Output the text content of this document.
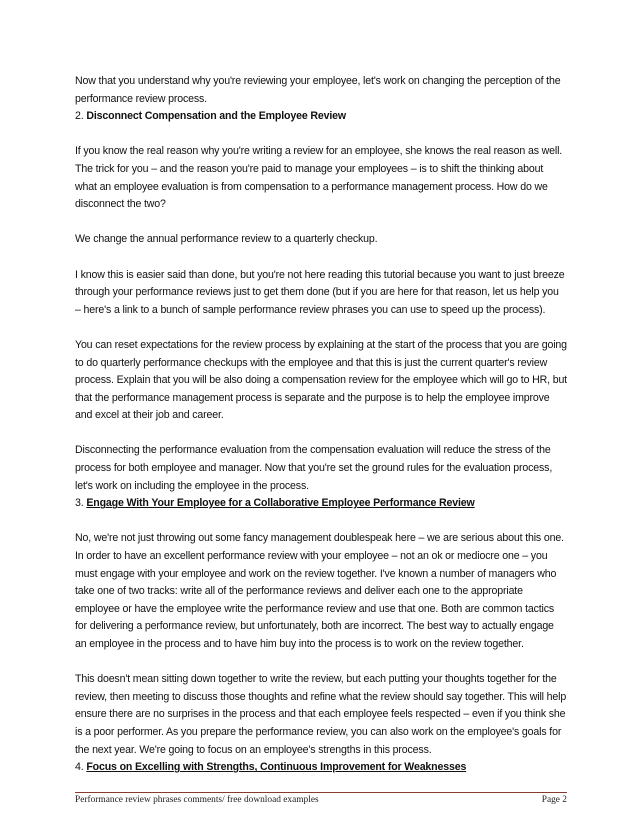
Now that you understand why you're reviewing your employee, let's work on changing the perception of the performance review process.

2. Disconnect Compensation and the Employee Review

If you know the real reason why you're writing a review for an employee, she knows the real reason as well. The trick for you – and the reason you're paid to manage your employees – is to shift the thinking about what an employee evaluation is from compensation to a performance management process. How do we disconnect the two?

We change the annual performance review to a quarterly checkup.

I know this is easier said than done, but you're not here reading this tutorial because you want to just breeze through your performance reviews just to get them done (but if you are here for that reason, let us help you – here's a link to a bunch of sample performance review phrases you can use to speed up the process).

You can reset expectations for the review process by explaining at the start of the process that you are going to do quarterly performance checkups with the employee and that this is just the current quarter's review process. Explain that you will be also doing a compensation review for the employee which will go to HR, but that the performance management process is separate and the purpose is to help the employee improve and excel at their job and career.

Disconnecting the performance evaluation from the compensation evaluation will reduce the stress of the process for both employee and manager. Now that you're set the ground rules for the evaluation process, let's work on including the employee in the process.

3. Engage With Your Employee for a Collaborative Employee Performance Review

No, we're not just throwing out some fancy management doublespeak here – we are serious about this one. In order to have an excellent performance review with your employee – not an ok or mediocre one – you must engage with your employee and work on the review together. I've known a number of managers who take one of two tracks: write all of the performance reviews and deliver each one to the appropriate employee or have the employee write the performance review and use that one. Both are common tactics for delivering a performance review, but unfortunately, both are incorrect. The best way to actually engage an employee in the process and to have him buy into the process is to work on the review together.

This doesn't mean sitting down together to write the review, but each putting your thoughts together for the review, then meeting to discuss those thoughts and refine what the review should say together. This will help ensure there are no surprises in the process and that each employee feels respected – even if you think she is a poor performer. As you prepare the performance review, you can also work on the employee's goals for the next year. We're going to focus on an employee's strengths in this process.

4. Focus on Excelling with Strengths, Continuous Improvement for Weaknesses

Performance review phrases comments/ free download examples	Page 2
